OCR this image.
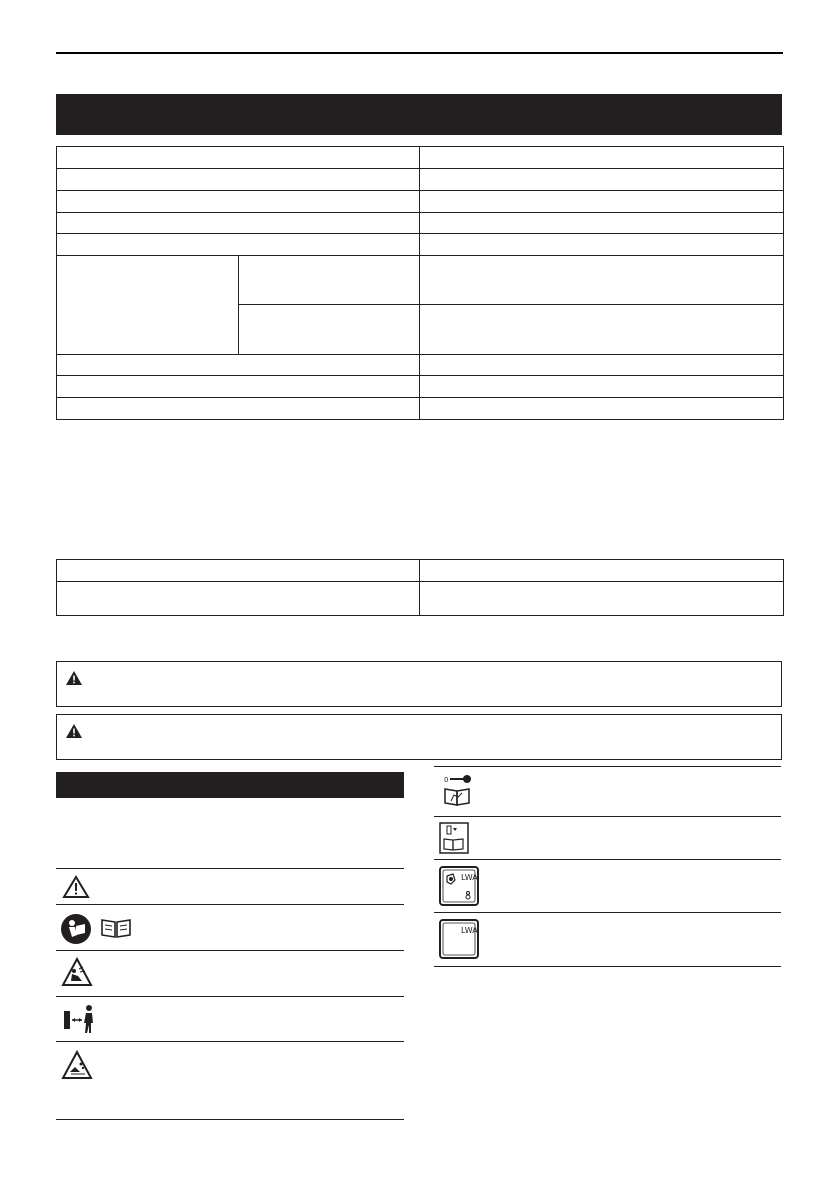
0
LWA
LWA
